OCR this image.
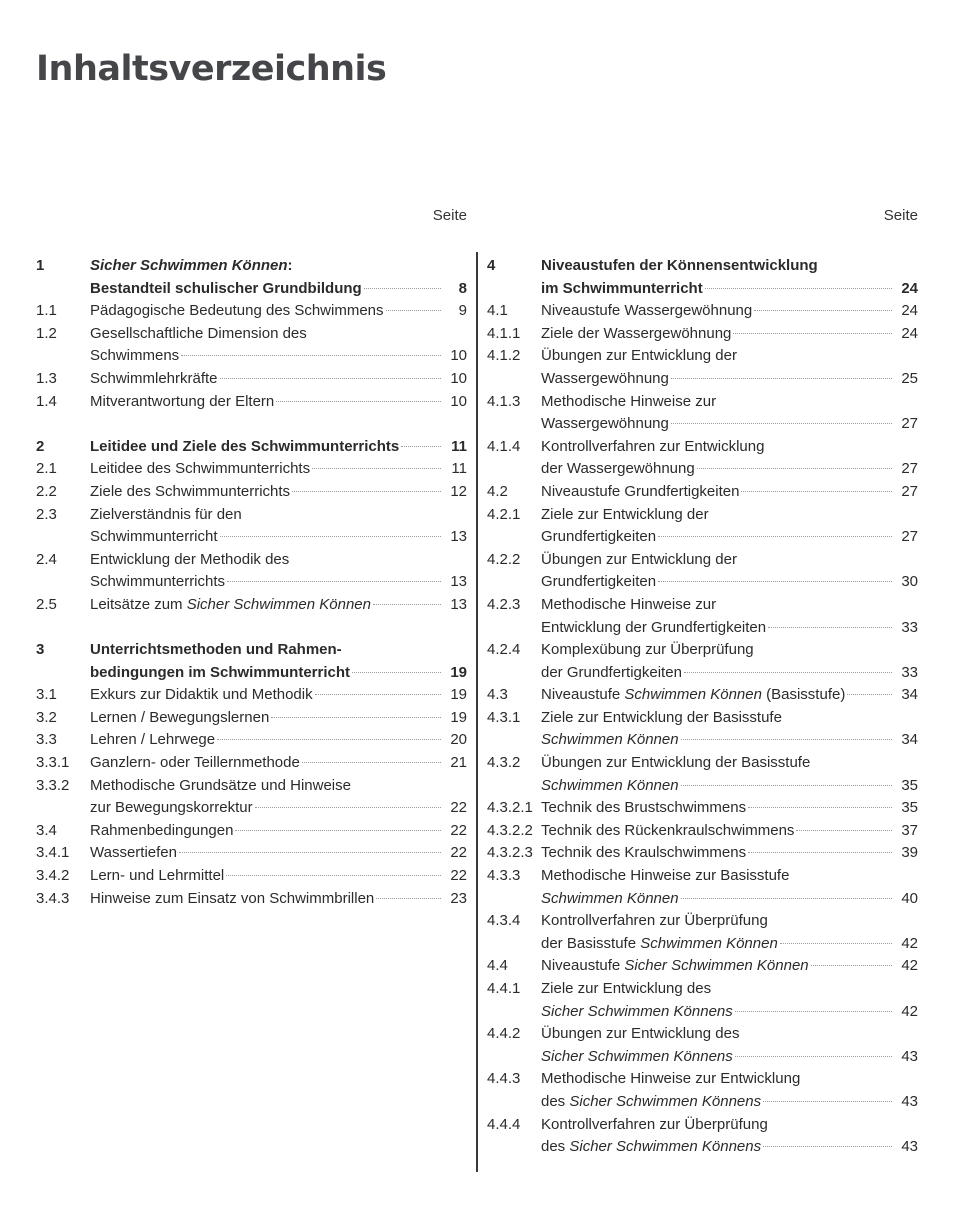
Inhaltsverzeichnis
Seite
1	Sicher Schwimmen Können:
Bestandteil schulischer Grundbildung	8
1.1	Pädagogische Bedeutung des Schwimmens	9
1.2	Gesellschaftliche Dimension des
Schwimmens	10
1.3	Schwimmlehrkräfte	10
1.4	Mitverantwortung der Eltern	10
2	Leitidee und Ziele des Schwimmunterrichts	11
2.1	Leitidee des Schwimmunterrichts	11
2.2	Ziele des Schwimmunterrichts	12
2.3	Zielverständnis für den
Schwimmunterricht	13
2.4	Entwicklung der Methodik des
Schwimmunterrichts	13
2.5	Leitsätze zum Sicher Schwimmen Können	13
3	Unterrichtsmethoden und Rahmen-
bedingungen im Schwimmunterricht	19
3.1	Exkurs zur Didaktik und Methodik	19
3.2	Lernen / Bewegungslernen	19
3.3	Lehren / Lehrwege	20
3.3.1	Ganzlern- oder Teillernmethode	21
3.3.2	Methodische Grundsätze und Hinweise
zur Bewegungskorrektur	22
3.4	Rahmenbedingungen	22
3.4.1	Wassertiefen	22
3.4.2	Lern- und Lehrmittel	22
3.4.3	Hinweise zum Einsatz von Schwimmbrillen	23
Seite
4	Niveaustufen der Könnensentwicklung
im Schwimmunterricht	24
4.1	Niveaustufe Wassergewöhnung	24
4.1.1	Ziele der Wassergewöhnung	24
4.1.2	Übungen zur Entwicklung der
Wassergewöhnung	25
4.1.3	Methodische Hinweise zur
Wassergewöhnung	27
4.1.4	Kontrollverfahren zur Entwicklung
der Wassergewöhnung	27
4.2	Niveaustufe Grundfertigkeiten	27
4.2.1	Ziele zur Entwicklung der
Grundfertigkeiten	27
4.2.2	Übungen zur Entwicklung der
Grundfertigkeiten	30
4.2.3	Methodische Hinweise zur
Entwicklung der Grundfertigkeiten	33
4.2.4	Komplexübung zur Überprüfung
der Grundfertigkeiten	33
4.3	Niveaustufe Schwimmen Können (Basisstufe)	34
4.3.1	Ziele zur Entwicklung der Basisstufe
Schwimmen Können	34
4.3.2	Übungen zur Entwicklung der Basisstufe
Schwimmen Können	35
4.3.2.1 Technik des Brustschwimmens	35
4.3.2.2 Technik des Rückenkraulschwimmens	37
4.3.2.3 Technik des Kraulschwimmens	39
4.3.3	Methodische Hinweise zur Basisstufe
Schwimmen Können	40
4.3.4	Kontrollverfahren zur Überprüfung
der Basisstufe Schwimmen Können	42
4.4	Niveaustufe Sicher Schwimmen Können	42
4.4.1	Ziele zur Entwicklung des
Sicher Schwimmen Könnens	42
4.4.2	Übungen zur Entwicklung des
Sicher Schwimmen Könnens	43
4.4.3	Methodische Hinweise zur Entwicklung
des Sicher Schwimmen Könnens	43
4.4.4	Kontrollverfahren zur Überprüfung
des Sicher Schwimmen Könnens	43
